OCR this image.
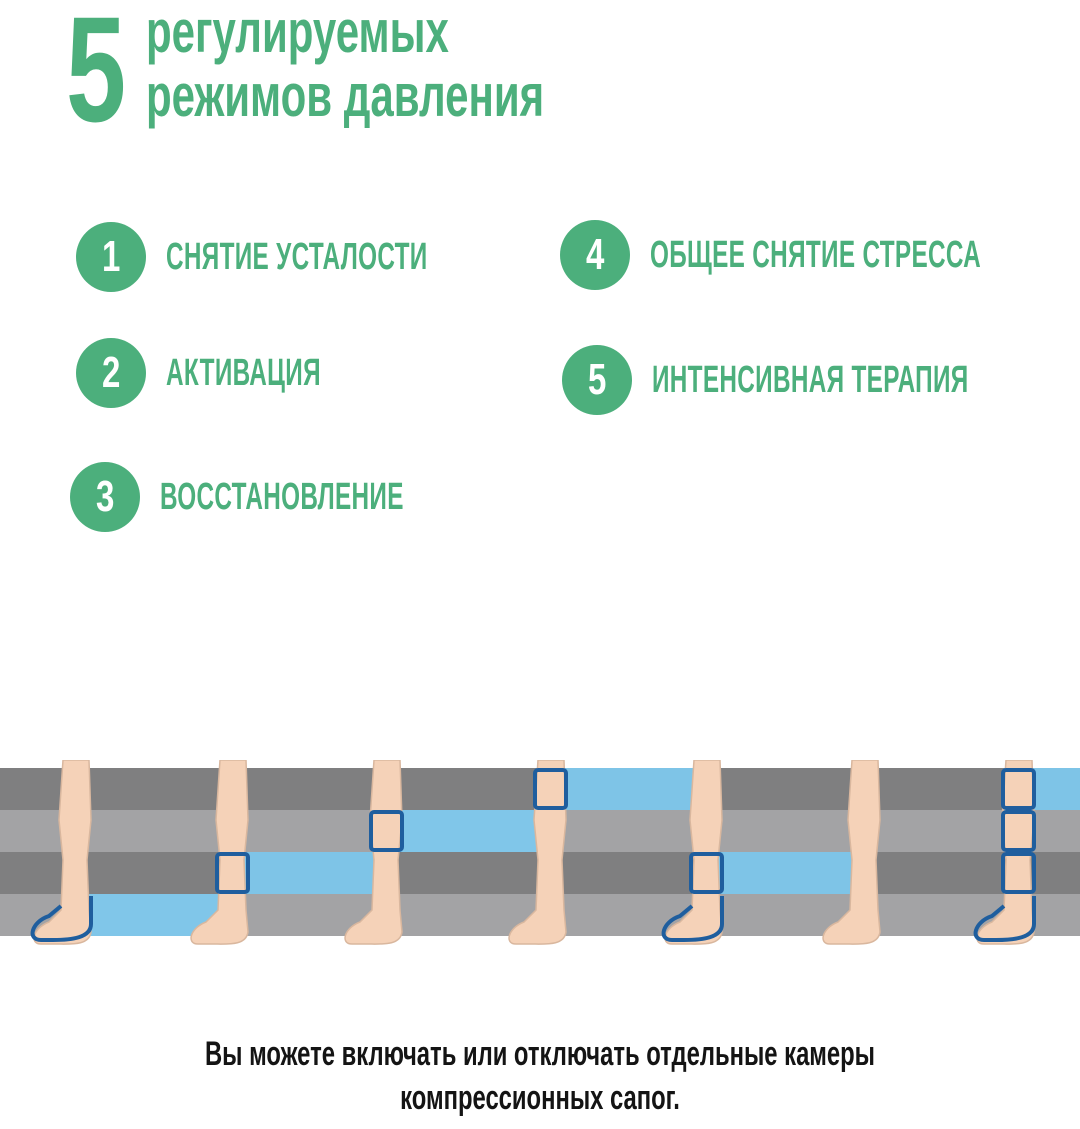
5 регулируемых
режимов давления
1 СНЯТИЕ УСТАЛОСТИ
2 АКТИВАЦИЯ
3 ВОССТАНОВЛЕНИЕ
4 ОБЩЕЕ СНЯТИЕ СТРЕССА
5 ИНТЕНСИВНАЯ ТЕРАПИЯ
Вы можете включать или отключать отдельные камеры
компрессионных сапог.
